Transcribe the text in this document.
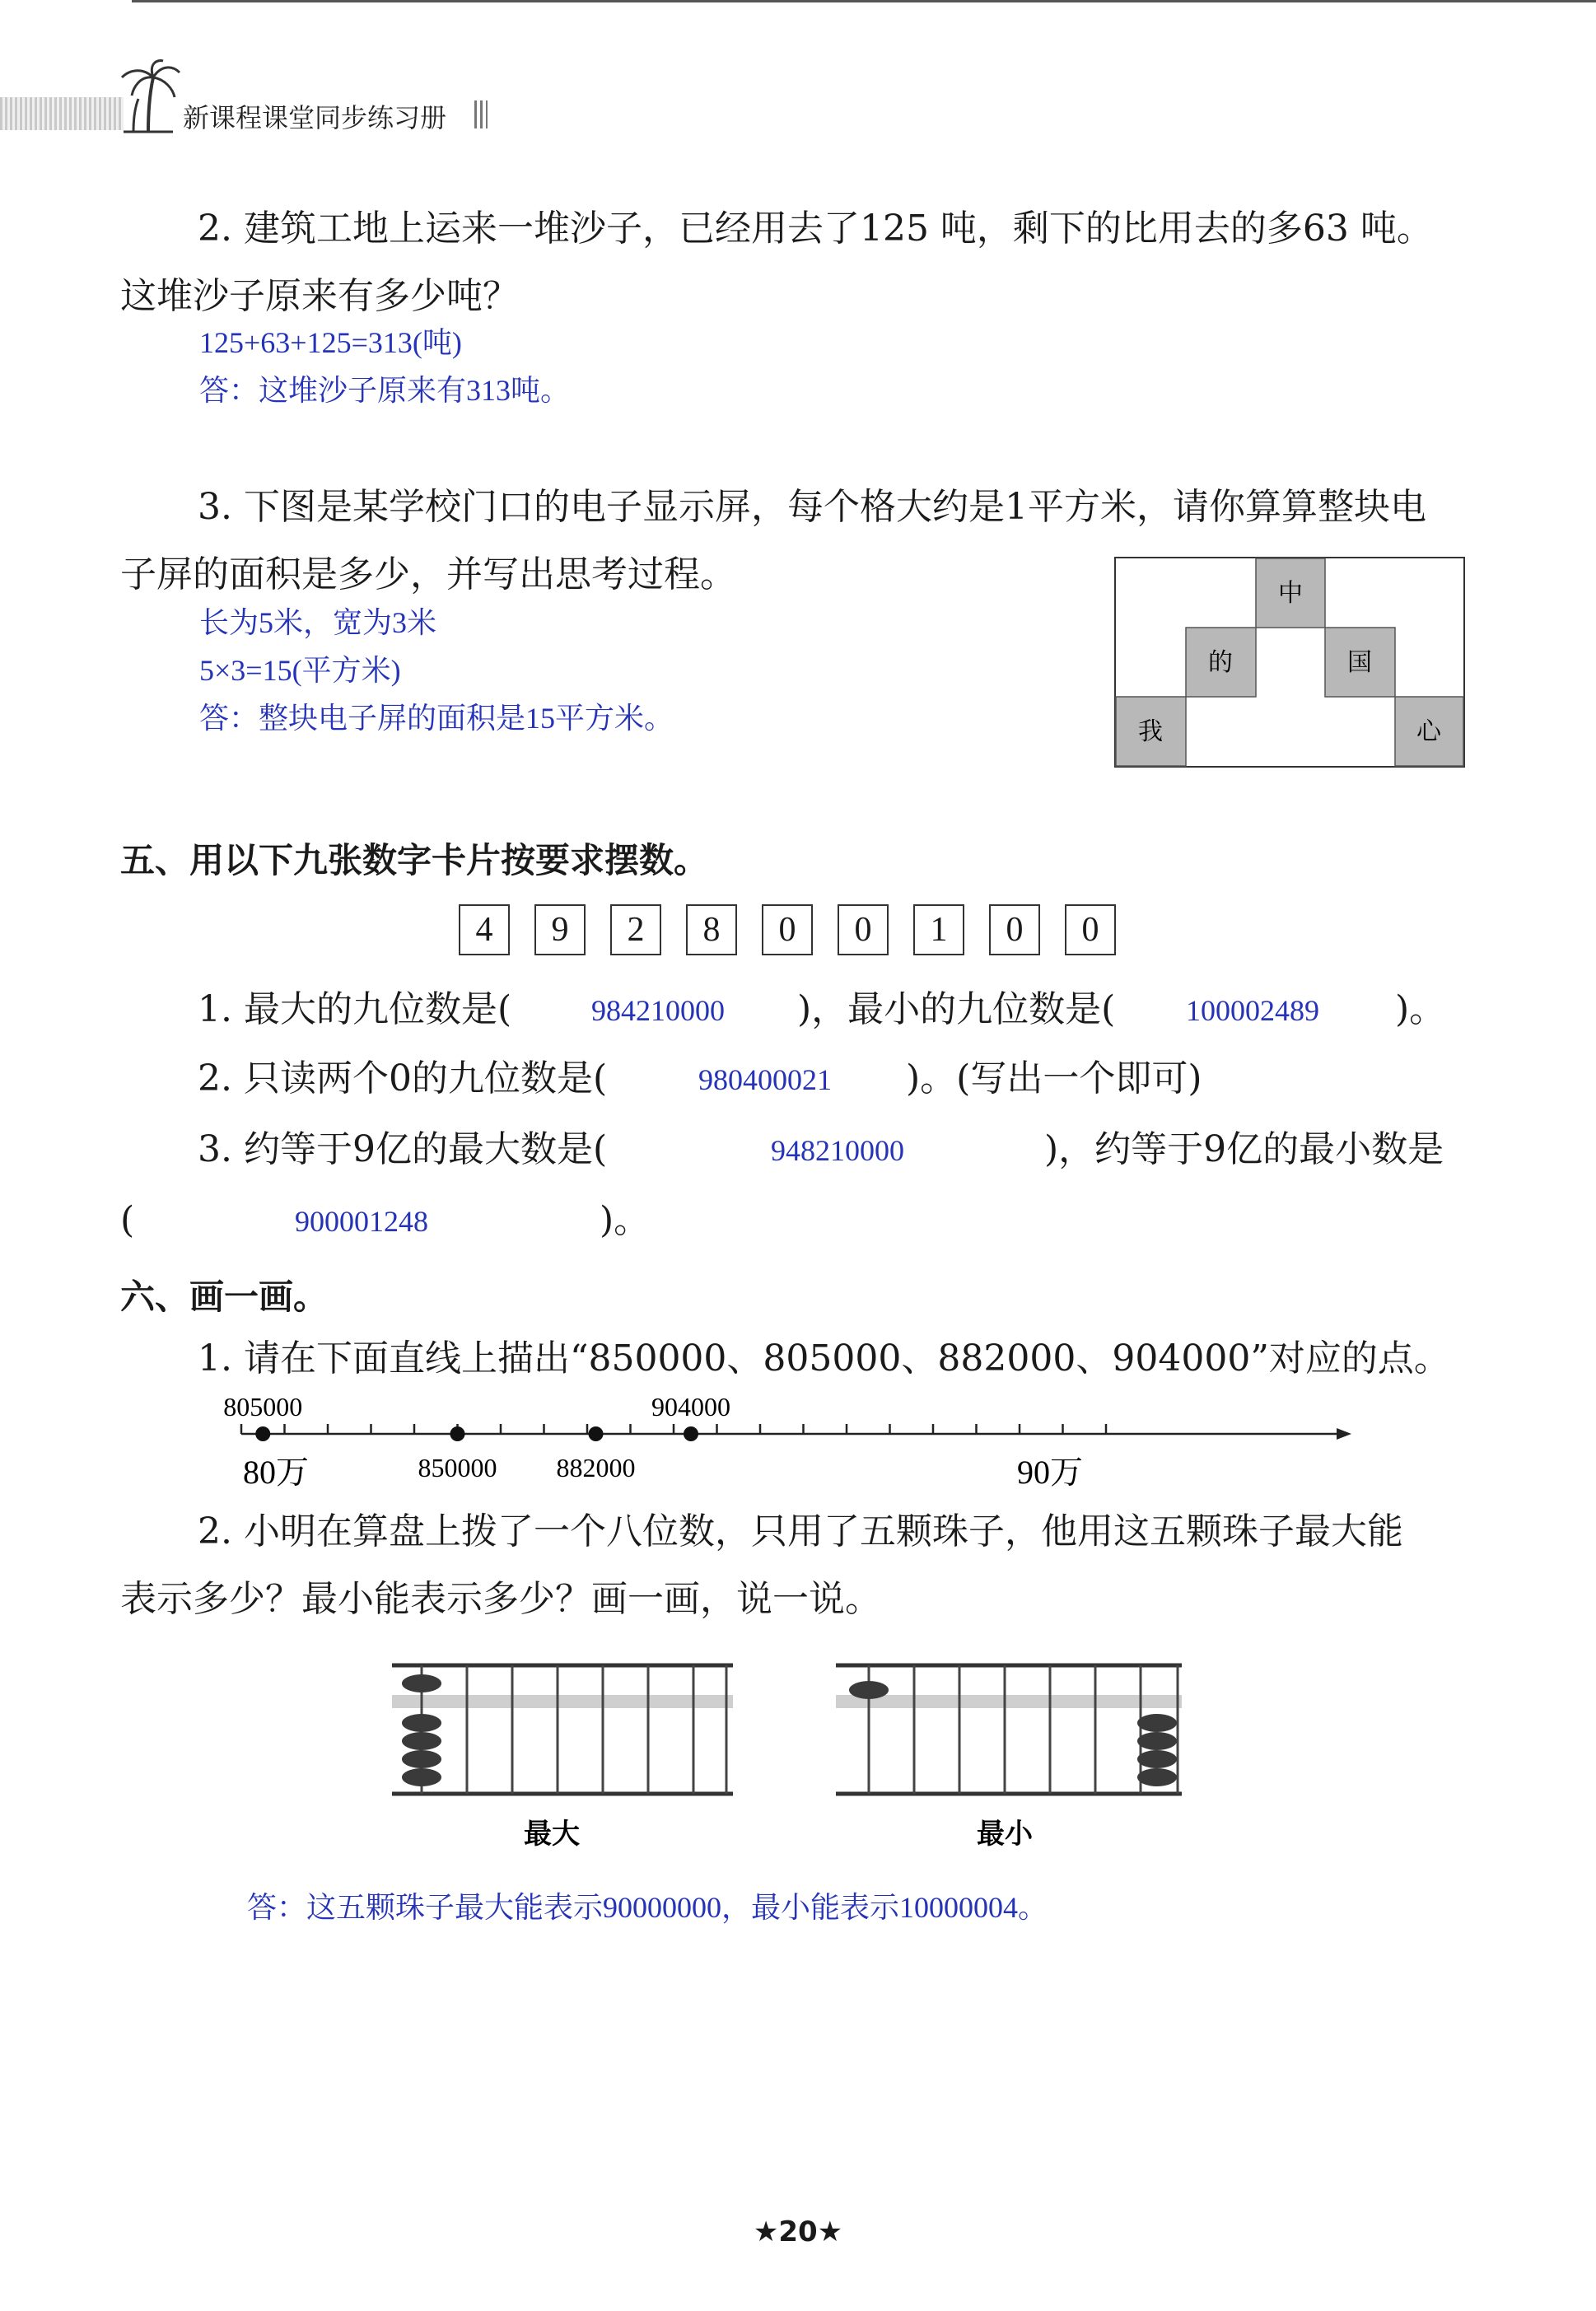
新课程课堂同步练习册
2. 建筑工地上运来一堆沙子，已经用去了125 吨，剩下的比用去的多63 吨。
这堆沙子原来有多少吨？
125+63+125=313(吨)
答：这堆沙子原来有313吨。
3. 下图是某学校门口的电子显示屏，每个格大约是1平方米，请你算算整块电
子屏的面积是多少，并写出思考过程。
长为5米，宽为3米
5×3=15(平方米)
答：整块电子屏的面积是15平方米。
中
的	国
我	心
五、用以下九张数字卡片按要求摆数。
4	9	2	8	0	0	1	0	0
1. 最大的九位数是(	984210000 )，最小的九位数是( 100002489 )。
2. 只读两个0的九位数是(	980400021 )。(写出一个即可)
3. 约等于9亿的最大数是(	948210000	)，约等于9亿的最小数是
(	900001248	)。
六、画一画。
1. 请在下面直线上描出“850000、805000、882000、904000”对应的点。
805000
850000 882000
904000
80万	90万
2. 小明在算盘上拨了一个八位数，只用了五颗珠子，他用这五颗珠子最大能
表示多少？最小能表示多少？画一画，说一说。
最大	最小
答：这五颗珠子最大能表示90000000，最小能表示10000004。
★20★
